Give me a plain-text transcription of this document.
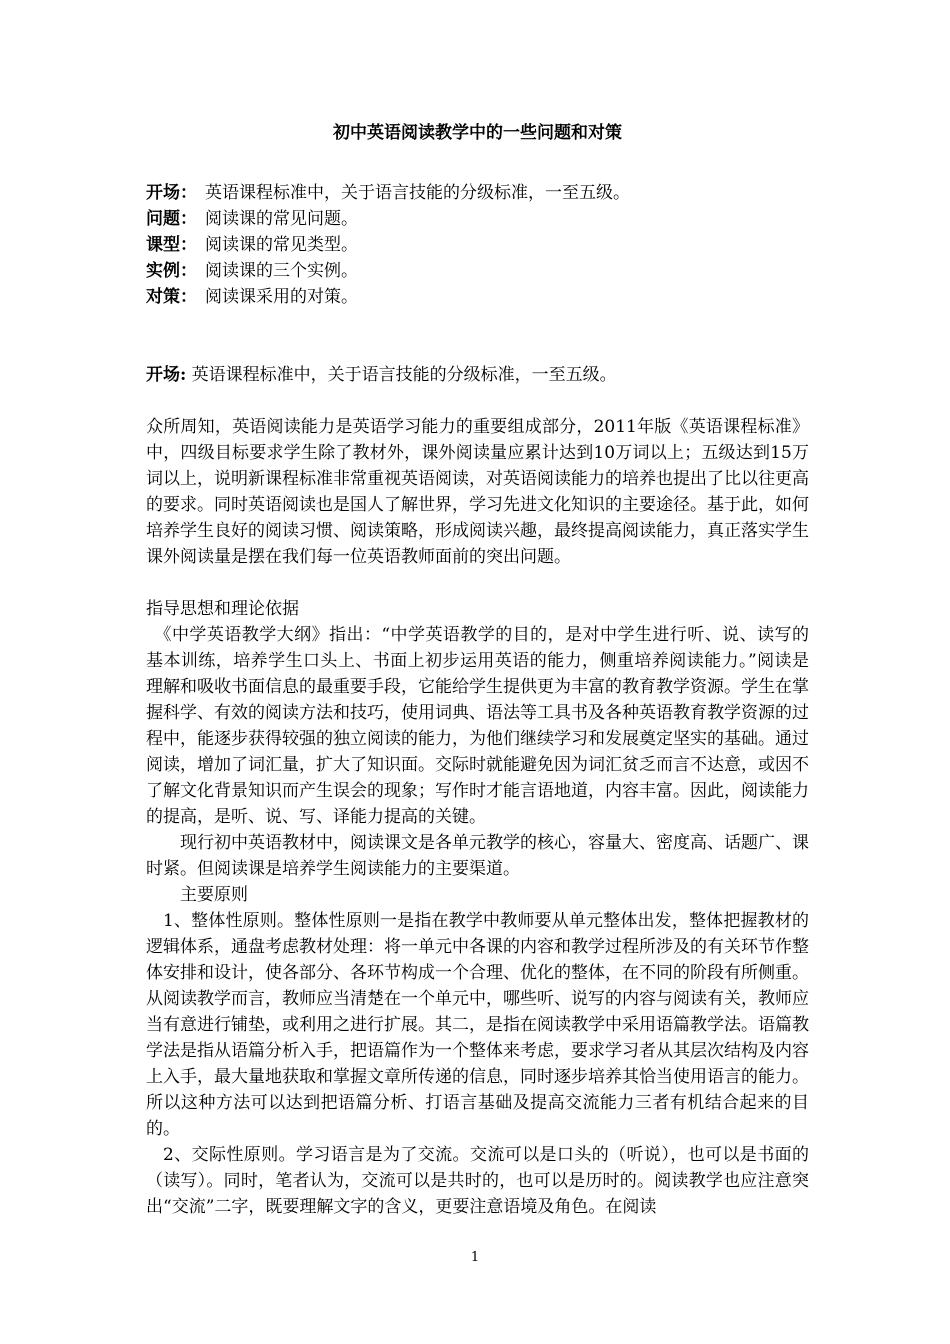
初中英语阅读教学中的一些问题和对策
开场： 英语课程标准中，关于语言技能的分级标准，一至五级。
问题： 阅读课的常见问题。
课型： 阅读课的常见类型。
实例： 阅读课的三个实例。
对策： 阅读课采用的对策。

开场: 英语课程标准中，关于语言技能的分级标准，一至五级。

众所周知，英语阅读能力是英语学习能力的重要组成部分，2011年版《英语课程标准》中，四级目标要求学生除了教材外，课外阅读量应累计达到10万词以上；五级达到15万词以上，说明新课程标准非常重视英语阅读，对英语阅读能力的培养也提出了比以往更高的要求。同时英语阅读也是国人了解世界，学习先进文化知识的主要途径。基于此，如何培养学生良好的阅读习惯、阅读策略，形成阅读兴趣，最终提高阅读能力，真正落实学生课外阅读量是摆在我们每一位英语教师面前的突出问题。

指导思想和理论依据

《中学英语教学大纲》指出：“中学英语教学的目的，是对中学生进行听、说、读写的基本训练，培养学生口头上、书面上初步运用英语的能力，侧重培养阅读能力。”阅读是理解和吸收书面信息的最重要手段，它能给学生提供更为丰富的教育教学资源。学生在掌握科学、有效的阅读方法和技巧，使用词典、语法等工具书及各种英语教育教学资源的过程中，能逐步获得较强的独立阅读的能力，为他们继续学习和发展奠定坚实的基础。通过阅读，增加了词汇量，扩大了知识面。交际时就能避免因为词汇贫乏而言不达意，或因不了解文化背景知识而产生误会的现象；写作时才能言语地道，内容丰富。因此，阅读能力的提高，是听、说、写、译能力提高的关键。

现行初中英语教材中，阅读课文是各单元教学的核心，容量大、密度高、话题广、课时紧。但阅读课是培养学生阅读能力的主要渠道。

主要原则

1、整体性原则。整体性原则一是指在教学中教师要从单元整体出发，整体把握教材的逻辑体系，通盘考虑教材处理：将一单元中各课的内容和教学过程所涉及的有关环节作整体安排和设计，使各部分、各环节构成一个合理、优化的整体，在不同的阶段有所侧重。从阅读教学而言，教师应当清楚在一个单元中，哪些听、说写的内容与阅读有关，教师应当有意进行铺垫，或利用之进行扩展。其二，是指在阅读教学中采用语篇教学法。语篇教学法是指从语篇分析入手，把语篇作为一个整体来考虑，要求学习者从其层次结构及内容上入手，最大量地获取和掌握文章所传递的信息，同时逐步培养其恰当使用语言的能力。所以这种方法可以达到把语篇分析、打语言基础及提高交流能力三者有机结合起来的目的。

2、交际性原则。学习语言是为了交流。交流可以是口头的（听说），也可以是书面的（读写）。同时，笔者认为，交流可以是共时的，也可以是历时的。阅读教学也应注意突出“交流”二字，既要理解文字的含义，更要注意语境及角色。在阅读

1
